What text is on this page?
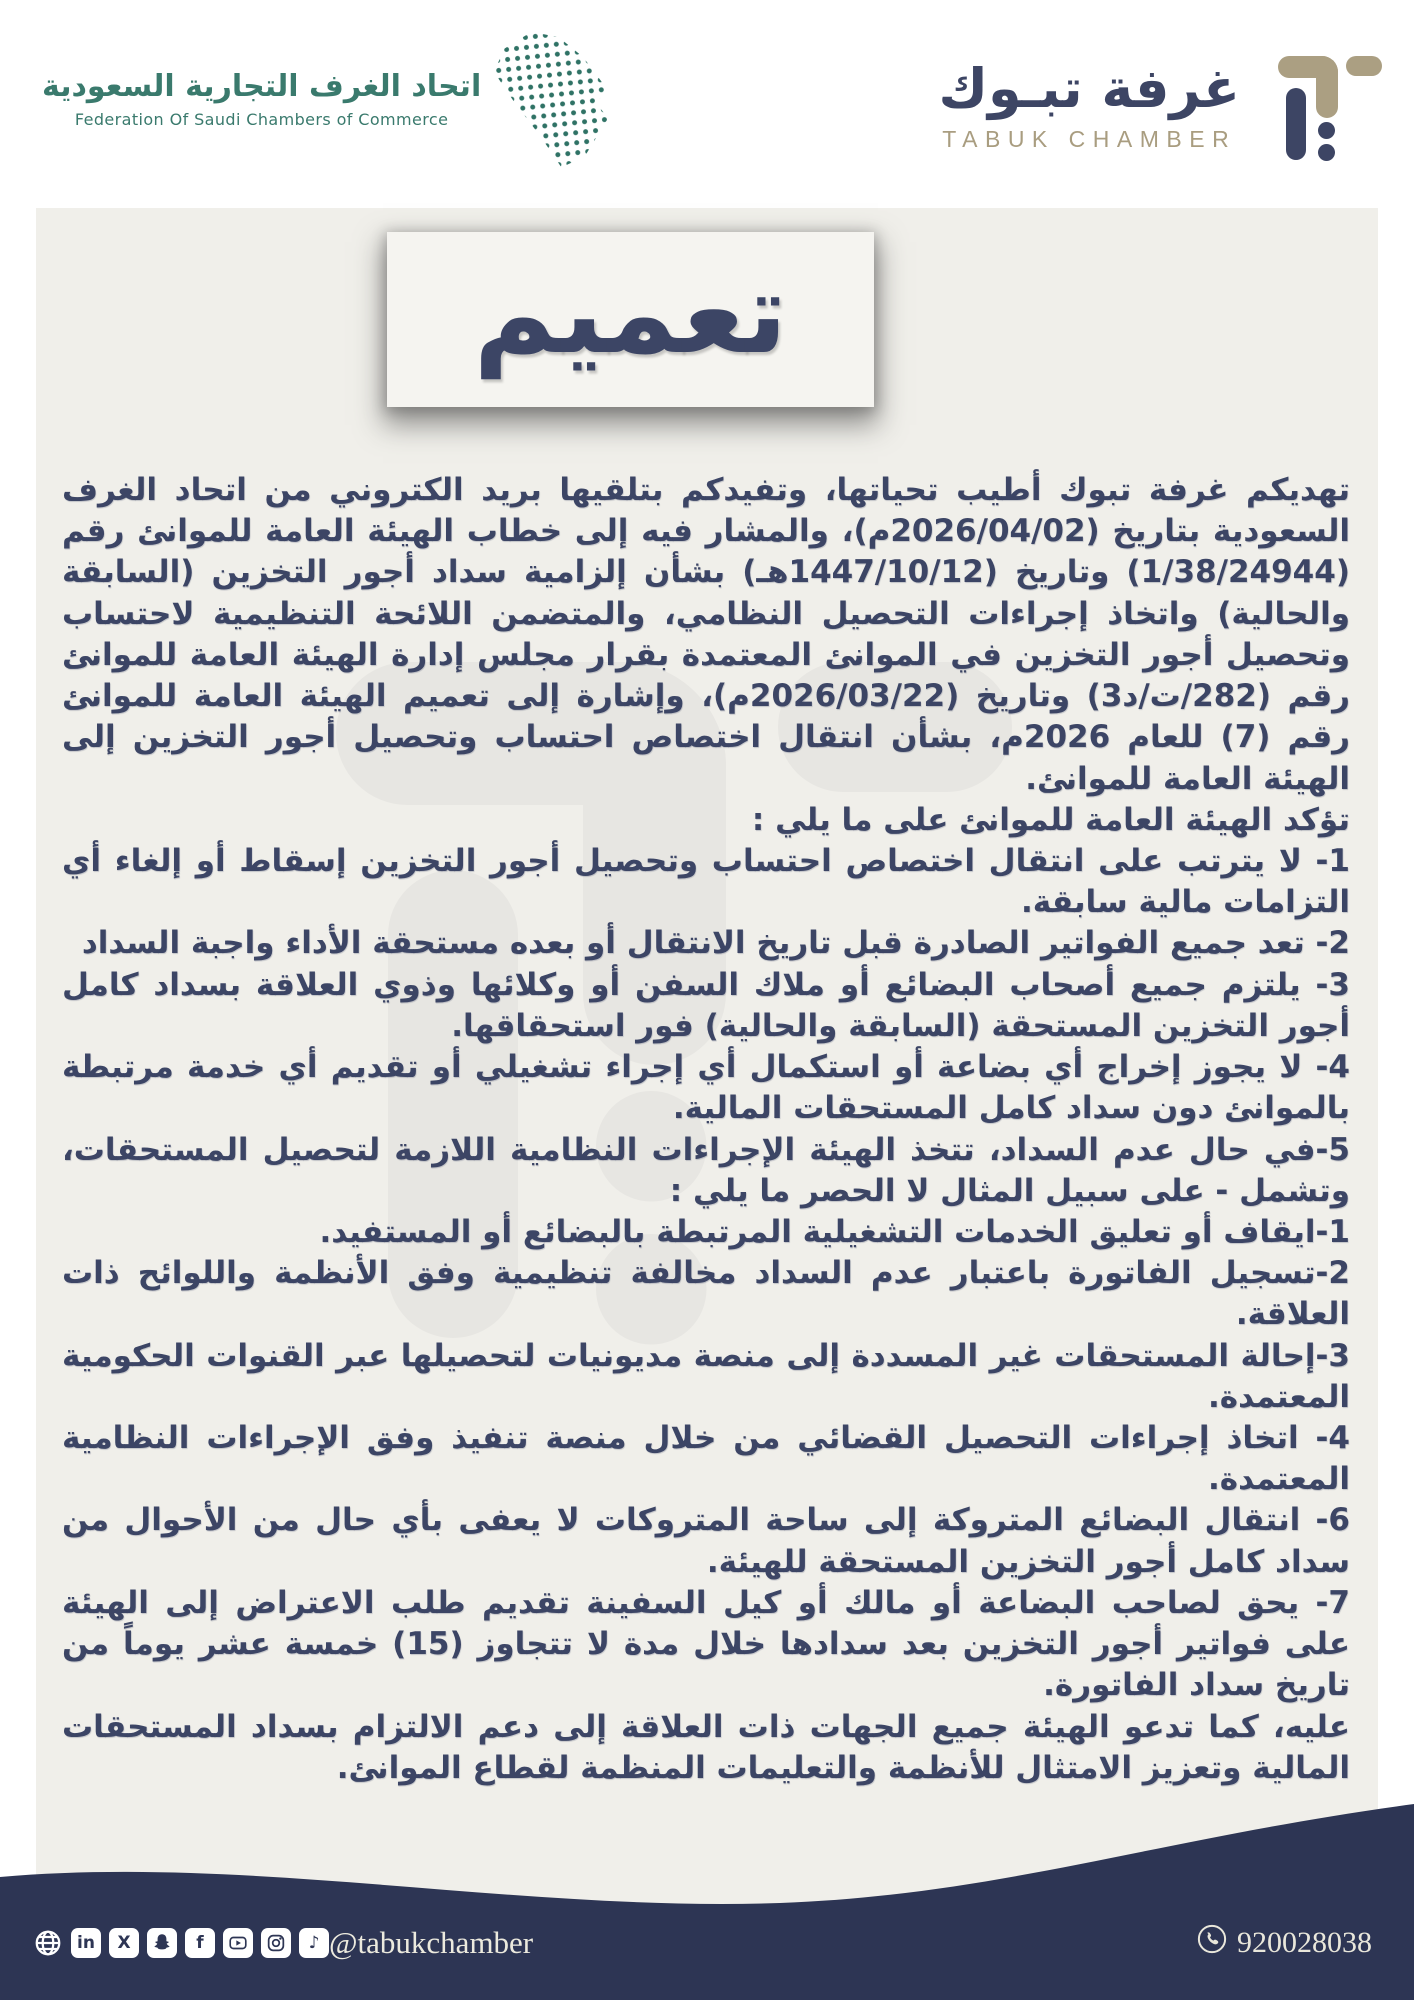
اتحاد الغرف التجارية السعودية
Federation Of Saudi Chambers of Commerce	غرفة تبـوك
TABUK CHAMBER
تعميم

تهديكم غرفة تبوك أطيب تحياتها، وتفيدكم بتلقيها بريد الكتروني من اتحاد الغرف السعودية بتاريخ (2026/04/02م)، والمشار فيه إلى خطاب الهيئة العامة للموانئ رقم (1/38/24944) وتاريخ (1447/10/12هـ) بشأن إلزامية سداد أجور التخزين (السابقة والحالية) واتخاذ إجراءات التحصيل النظامي، والمتضمن اللائحة التنظيمية لاحتساب وتحصيل أجور التخزين في الموانئ المعتمدة بقرار مجلس إدارة الهيئة العامة للموانئ رقم (282/ت/د3) وتاريخ (2026/03/22م)، وإشارة إلى تعميم الهيئة العامة للموانئ رقم (7) للعام 2026م، بشأن انتقال اختصاص احتساب وتحصيل أجور التخزين إلى الهيئة العامة للموانئ.

تؤكد الهيئة العامة للموانئ على ما يلي :

1- لا يترتب على انتقال اختصاص احتساب وتحصيل أجور التخزين إسقاط أو إلغاء أي التزامات مالية سابقة.

2- تعد جميع الفواتير الصادرة قبل تاريخ الانتقال أو بعده مستحقة الأداء واجبة السداد

3- يلتزم جميع أصحاب البضائع أو ملاك السفن أو وكلائها وذوي العلاقة بسداد كامل أجور التخزين المستحقة (السابقة والحالية) فور استحقاقها.

4- لا يجوز إخراج أي بضاعة أو استكمال أي إجراء تشغيلي أو تقديم أي خدمة مرتبطة بالموانئ دون سداد كامل المستحقات المالية.

5-في حال عدم السداد، تتخذ الهيئة الإجراءات النظامية اللازمة لتحصيل المستحقات، وتشمل - على سبيل المثال لا الحصر ما يلي :

1-ايقاف أو تعليق الخدمات التشغيلية المرتبطة بالبضائع أو المستفيد.

2-تسجيل الفاتورة باعتبار عدم السداد مخالفة تنظيمية وفق الأنظمة واللوائح ذات العلاقة.

3-إحالة المستحقات غير المسددة إلى منصة مديونيات لتحصيلها عبر القنوات الحكومية المعتمدة.

4- اتخاذ إجراءات التحصيل القضائي من خلال منصة تنفيذ وفق الإجراءات النظامية المعتمدة.

6- انتقال البضائع المتروكة إلى ساحة المتروكات لا يعفى بأي حال من الأحوال من سداد كامل أجور التخزين المستحقة للهيئة.

7- يحق لصاحب البضاعة أو مالك أو كيل السفينة تقديم طلب الاعتراض إلى الهيئة على فواتير أجور التخزين بعد سدادها خلال مدة لا تتجاوز (15) خمسة عشر يوماً من تاريخ سداد الفاتورة.

عليه، كما تدعو الهيئة جميع الجهات ذات العلاقة إلى دعم الالتزام بسداد المستحقات المالية وتعزيز الامتثال للأنظمة والتعليمات المنظمة لقطاع الموانئ.

in	X	f	♪ @tabukchamber	920028038
